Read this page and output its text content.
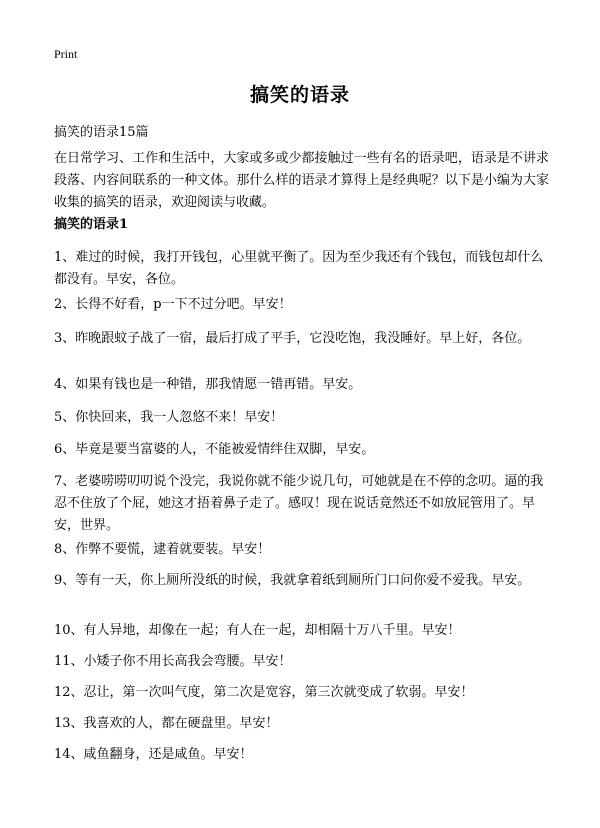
Print
搞笑的语录
搞笑的语录15篇
在日常学习、工作和生活中，大家或多或少都接触过一些有名的语录吧，语录是不讲求段落、内容间联系的一种文体。那什么样的语录才算得上是经典呢？以下是小编为大家收集的搞笑的语录，欢迎阅读与收藏。
搞笑的语录1

1、难过的时候，我打开钱包，心里就平衡了。因为至少我还有个钱包，而钱包却什么都没有。早安，各位。

2、长得不好看，p一下不过分吧。早安！

3、昨晚跟蚊子战了一宿，最后打成了平手，它没吃饱，我没睡好。早上好，各位。

4、如果有钱也是一种错，那我情愿一错再错。早安。

5、你快回来，我一人忽悠不来！早安！

6、毕竟是要当富婆的人，不能被爱情绊住双脚，早安。

7、老婆唠唠叨叨说个没完，我说你就不能少说几句，可她就是在不停的念叨。逼的我忍不住放了个屁，她这才捂着鼻子走了。感叹！现在说话竟然还不如放屁管用了。早安，世界。

8、作弊不要慌，逮着就要装。早安！

9、等有一天，你上厕所没纸的时候，我就拿着纸到厕所门口问你爱不爱我。早安。

10、有人异地，却像在一起；有人在一起，却相隔十万八千里。早安！

11、小矮子你不用长高我会弯腰。早安！

12、忍让，第一次叫气度，第二次是宽容，第三次就变成了软弱。早安！

13、我喜欢的人，都在硬盘里。早安！

14、咸鱼翻身，还是咸鱼。早安！
